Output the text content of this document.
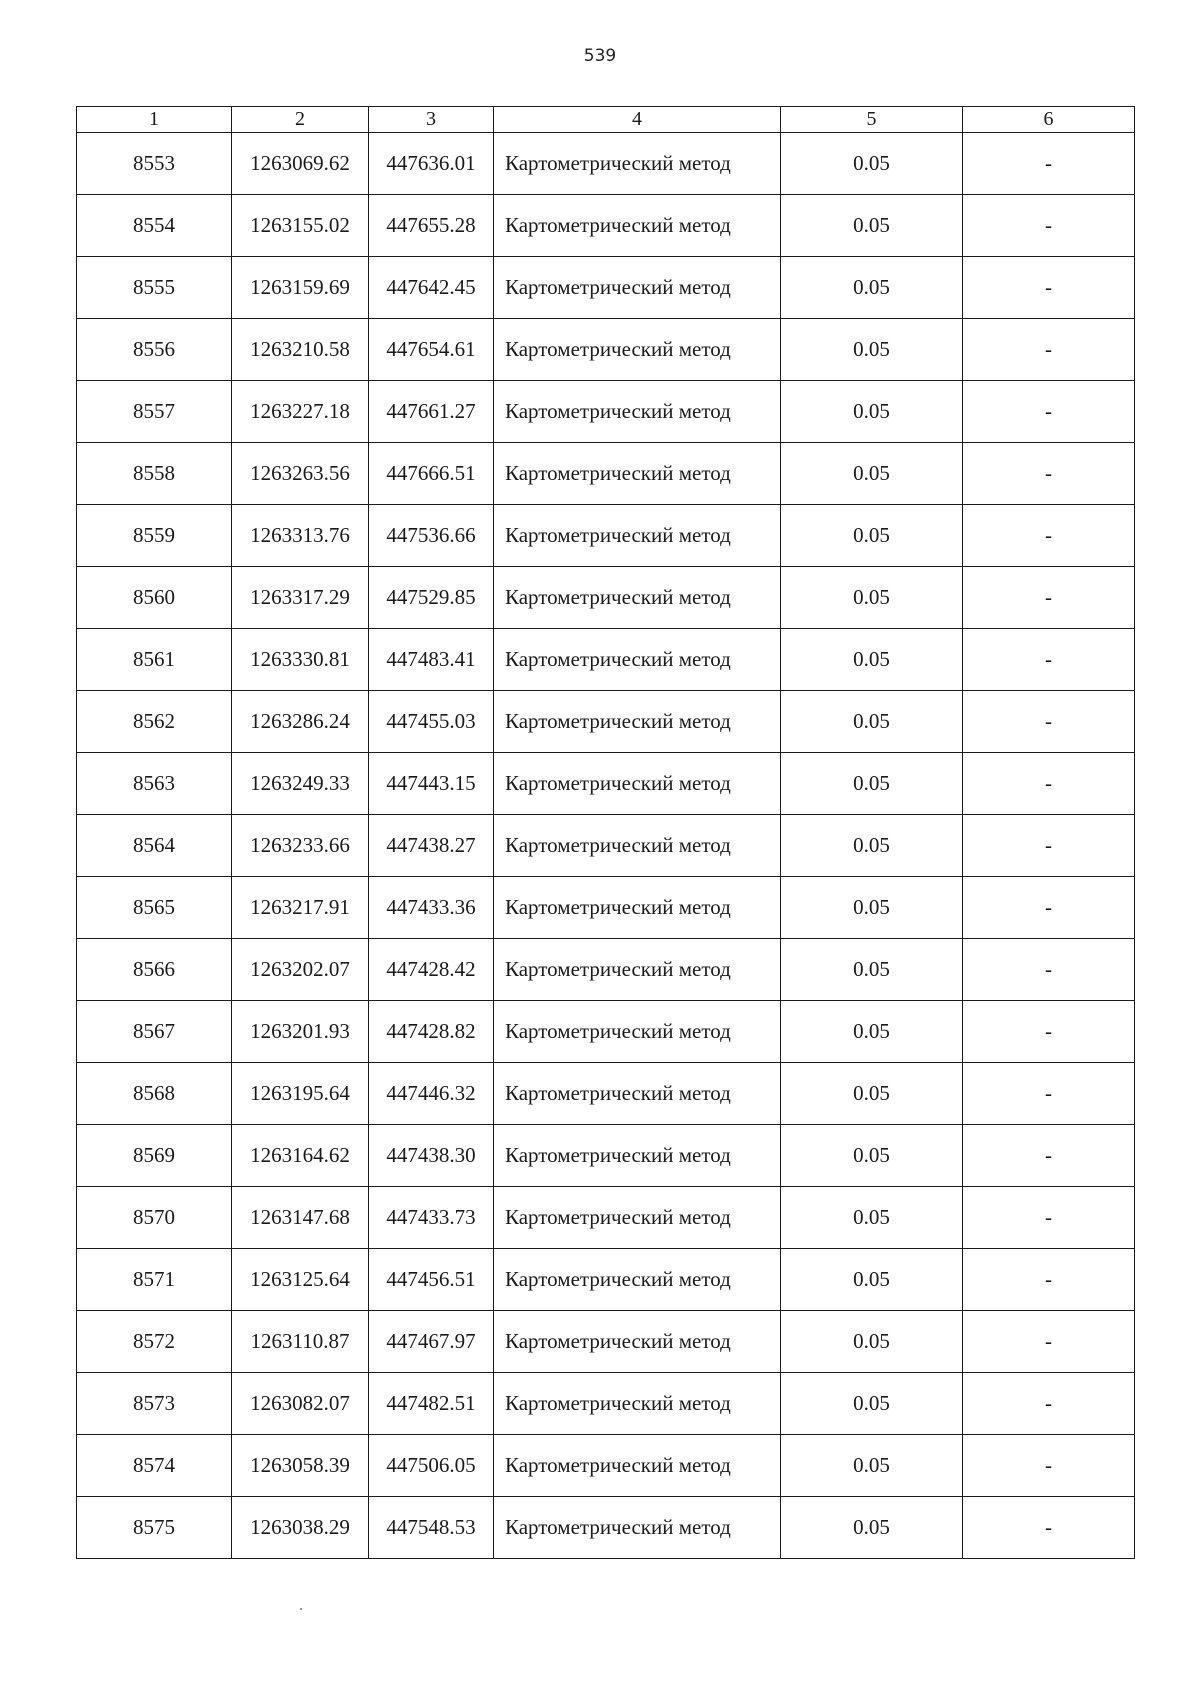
539
1	2	3	4	5	6
8553	1263069.62	447636.01	Картометрический метод	0.05	-
8554	1263155.02	447655.28	Картометрический метод	0.05	-
8555	1263159.69	447642.45	Картометрический метод	0.05	-
8556	1263210.58	447654.61	Картометрический метод	0.05	-
8557	1263227.18	447661.27	Картометрический метод	0.05	-
8558	1263263.56	447666.51	Картометрический метод	0.05	-
8559	1263313.76	447536.66	Картометрический метод	0.05	-
8560	1263317.29	447529.85	Картометрический метод	0.05	-
8561	1263330.81	447483.41	Картометрический метод	0.05	-
8562	1263286.24	447455.03	Картометрический метод	0.05	-
8563	1263249.33	447443.15	Картометрический метод	0.05	-
8564	1263233.66	447438.27	Картометрический метод	0.05	-
8565	1263217.91	447433.36	Картометрический метод	0.05	-
8566	1263202.07	447428.42	Картометрический метод	0.05	-
8567	1263201.93	447428.82	Картометрический метод	0.05	-
8568	1263195.64	447446.32	Картометрический метод	0.05	-
8569	1263164.62	447438.30	Картометрический метод	0.05	-
8570	1263147.68	447433.73	Картометрический метод	0.05	-
8571	1263125.64	447456.51	Картометрический метод	0.05	-
8572	1263110.87	447467.97	Картометрический метод	0.05	-
8573	1263082.07	447482.51	Картометрический метод	0.05	-
8574	1263058.39	447506.05	Картометрический метод	0.05	-
8575	1263038.29	447548.53	Картометрический метод	0.05	-
